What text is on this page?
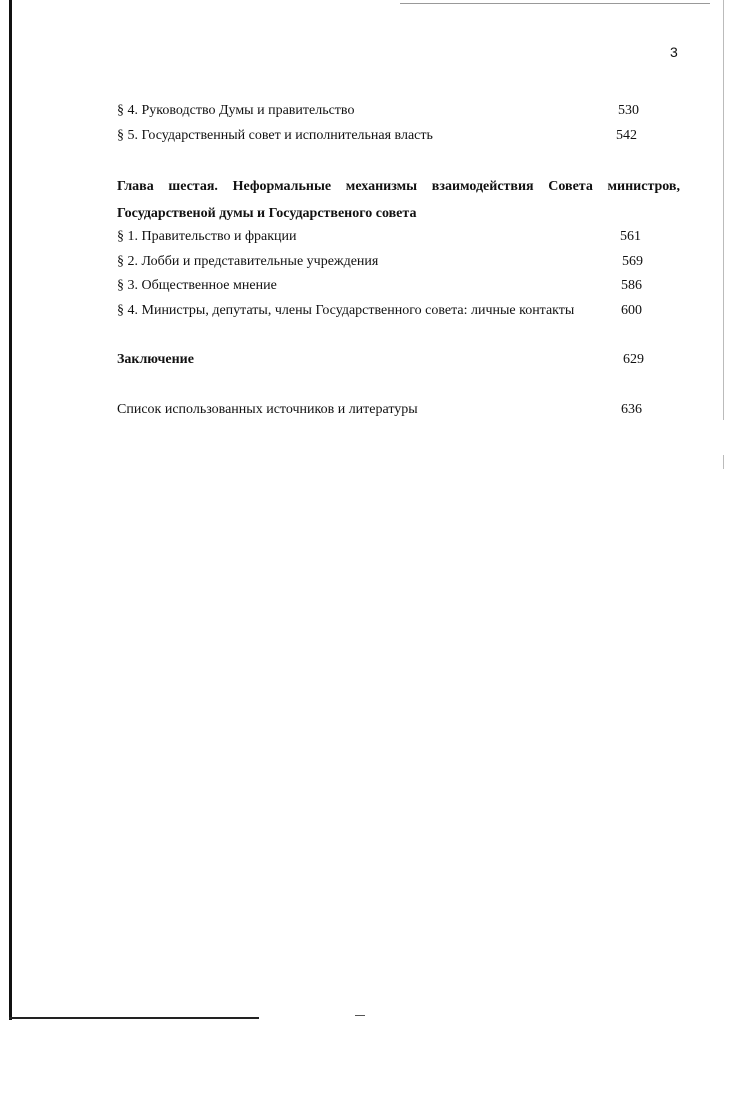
3
§ 4. Руководство Думы и правительство	530
§ 5. Государственный совет и исполнительная власть	542
Глава шестая. Неформальные механизмы взаимодействия Совета министров,
Государственой думы и Государственого совета
§ 1. Правительство и фракции	561
§ 2. Лобби и представительные учреждения	569
§ 3. Общественное мнение	586
§ 4. Министры, депутаты, члены Государственного совета: личные контакты	600
Заключение	629
Список использованных источников и литературы	636
